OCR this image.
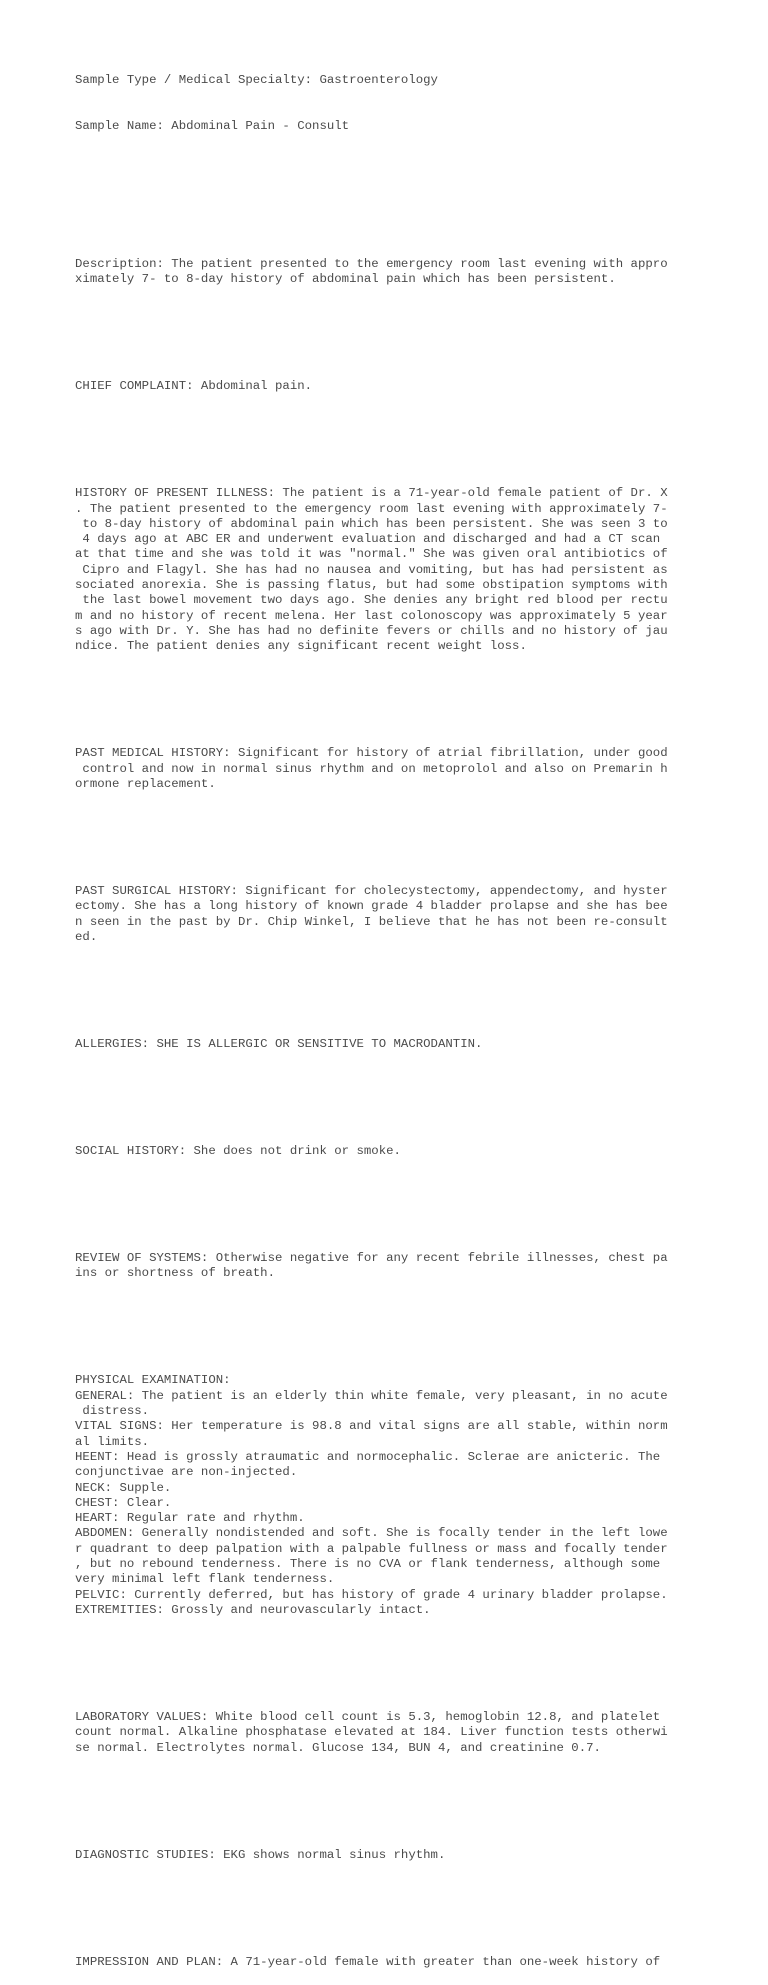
Sample Type / Medical Specialty: Gastroenterology

Sample Name: Abdominal Pain - Consult

Description: The patient presented to the emergency room last evening with appro
ximately 7- to 8-day history of abdominal pain which has been persistent.

CHIEF COMPLAINT: Abdominal pain.

HISTORY OF PRESENT ILLNESS: The patient is a 71-year-old female patient of Dr. X
. The patient presented to the emergency room last evening with approximately 7-
to 8-day history of abdominal pain which has been persistent. She was seen 3 to
4 days ago at ABC ER and underwent evaluation and discharged and had a CT scan
at that time and she was told it was "normal." She was given oral antibiotics of
Cipro and Flagyl. She has had no nausea and vomiting, but has had persistent as
sociated anorexia. She is passing flatus, but had some obstipation symptoms with
the last bowel movement two days ago. She denies any bright red blood per rectu
m and no history of recent melena. Her last colonoscopy was approximately 5 year
s ago with Dr. Y. She has had no definite fevers or chills and no history of jau
ndice. The patient denies any significant recent weight loss.

PAST MEDICAL HISTORY: Significant for history of atrial fibrillation, under good
control and now in normal sinus rhythm and on metoprolol and also on Premarin h
ormone replacement.

PAST SURGICAL HISTORY: Significant for cholecystectomy, appendectomy, and hyster
ectomy. She has a long history of known grade 4 bladder prolapse and she has bee
n seen in the past by Dr. Chip Winkel, I believe that he has not been re-consult
ed.

ALLERGIES: SHE IS ALLERGIC OR SENSITIVE TO MACRODANTIN.

SOCIAL HISTORY: She does not drink or smoke.

REVIEW OF SYSTEMS: Otherwise negative for any recent febrile illnesses, chest pa
ins or shortness of breath.

PHYSICAL EXAMINATION:
GENERAL: The patient is an elderly thin white female, very pleasant, in no acute
distress.
VITAL SIGNS: Her temperature is 98.8 and vital signs are all stable, within norm
al limits.
HEENT: Head is grossly atraumatic and normocephalic. Sclerae are anicteric. The
conjunctivae are non-injected.
NECK: Supple.
CHEST: Clear.
HEART: Regular rate and rhythm.
ABDOMEN: Generally nondistended and soft. She is focally tender in the left lowe
r quadrant to deep palpation with a palpable fullness or mass and focally tender
, but no rebound tenderness. There is no CVA or flank tenderness, although some
very minimal left flank tenderness.
PELVIC: Currently deferred, but has history of grade 4 urinary bladder prolapse.
EXTREMITIES: Grossly and neurovascularly intact.

LABORATORY VALUES: White blood cell count is 5.3, hemoglobin 12.8, and platelet
count normal. Alkaline phosphatase elevated at 184. Liver function tests otherwi
se normal. Electrolytes normal. Glucose 134, BUN 4, and creatinine 0.7.

DIAGNOSTIC STUDIES: EKG shows normal sinus rhythm.

IMPRESSION AND PLAN: A 71-year-old female with greater than one-week history of
